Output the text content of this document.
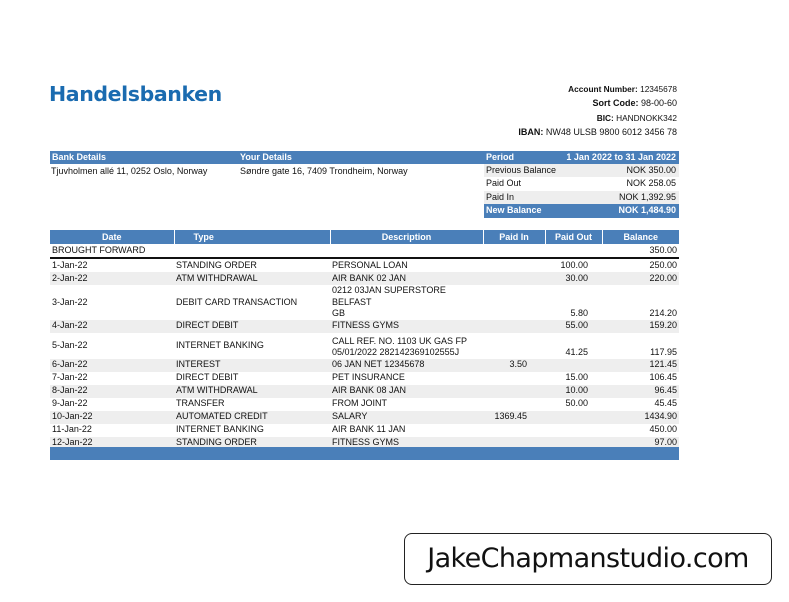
Handelsbanken	Account Number: 12345678
Sort Code: 98-00-60
BIC: HANDNOKK342
IBAN: NW48 ULSB 9800 6012 3456 78
Bank Details	Your Details	Period	1 Jan 2022 to 31 Jan 2022
Tjuvholmen allé 11, 0252 Oslo, Norway	Søndre gate 16, 7409 Trondheim, Norway	Previous Balance	NOK 350.00
Paid Out	NOK 258.05
Paid In	NOK 1,392.95
New Balance	NOK 1,484.90
Date	Type	Description	Paid In	Paid Out	Balance
BROUGHT FORWARD					350.00
1-Jan-22	STANDING ORDER	PERSONAL LOAN		100.00	250.00
2-Jan-22	ATM WITHDRAWAL	AIR BANK 02 JAN		30.00	220.00
3-Jan-22	DEBIT CARD TRANSACTION	0212 03JAN SUPERSTORE BELFAST
GB		5.80	214.20
4-Jan-22	DIRECT DEBIT	FITNESS GYMS		55.00	159.20
5-Jan-22	INTERNET BANKING	CALL REF. NO. 1103 UK GAS FP
05/01/2022 282142369102555J		41.25	117.95
6-Jan-22	INTEREST	06 JAN NET 12345678	3.50		121.45
7-Jan-22	DIRECT DEBIT	PET INSURANCE		15.00	106.45
8-Jan-22	ATM WITHDRAWAL	AIR BANK 08 JAN		10.00	96.45
9-Jan-22	TRANSFER	FROM JOINT		50.00	45.45
10-Jan-22	AUTOMATED CREDIT	SALARY	1369.45		1434.90
11-Jan-22	INTERNET BANKING	AIR BANK 11 JAN			450.00
12-Jan-22	STANDING ORDER	FITNESS GYMS			97.00
JakeChapmanstudio.com
